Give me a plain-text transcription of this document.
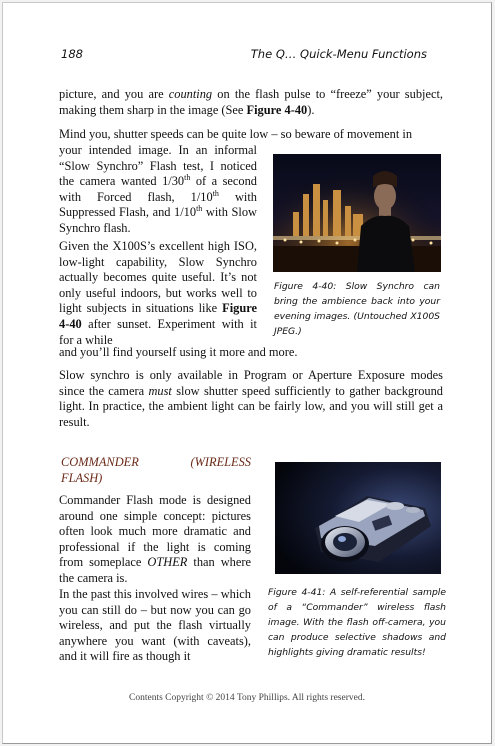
188	The Q… Quick-Menu Functions

picture, and you are counting on the flash pulse to “freeze” your subject, making them sharp in the image (See Figure 4-40).

Mind you, shutter speeds can be quite low – so beware of movement in

your intended image. In an informal “Slow Synchro” Flash test, I noticed the camera wanted 1/30th of a second with Forced flash, 1/10th with Suppressed Flash, and 1/10th with Slow Synchro flash.

Figure 4-40: Slow Synchro can bring the ambience back into your evening images. (Untouched X100S JPEG.)

Given the X100S’s excellent high ISO, low-light capability, Slow Synchro actually becomes quite useful. It’s not only useful indoors, but works well to light subjects in situations like Figure 4-40 after sunset. Experiment with it for a while

and you’ll find yourself using it more and more.

Slow synchro is only available in Program or Aperture Exposure modes since the camera must slow shutter speed sufficiently to gather background light. In practice, the ambient light can be fairly low, and you will still get a result.

COMMANDER	(WIRELESS
FLASH)

Commander Flash mode is designed around one simple concept: pictures often look much more dramatic and professional if the light is coming from someplace OTHER than where the camera is.

In the past this involved wires – which you can still do – but now you can go wireless, and put the flash virtually anywhere you want (with caveats), and it will fire as though it

Figure 4-41: A self-referential sample of a “Commander” wireless flash image. With the flash off-camera, you can produce selective shadows and highlights giving dramatic results!
Contents Copyright © 2014 Tony Phillips. All rights reserved.
